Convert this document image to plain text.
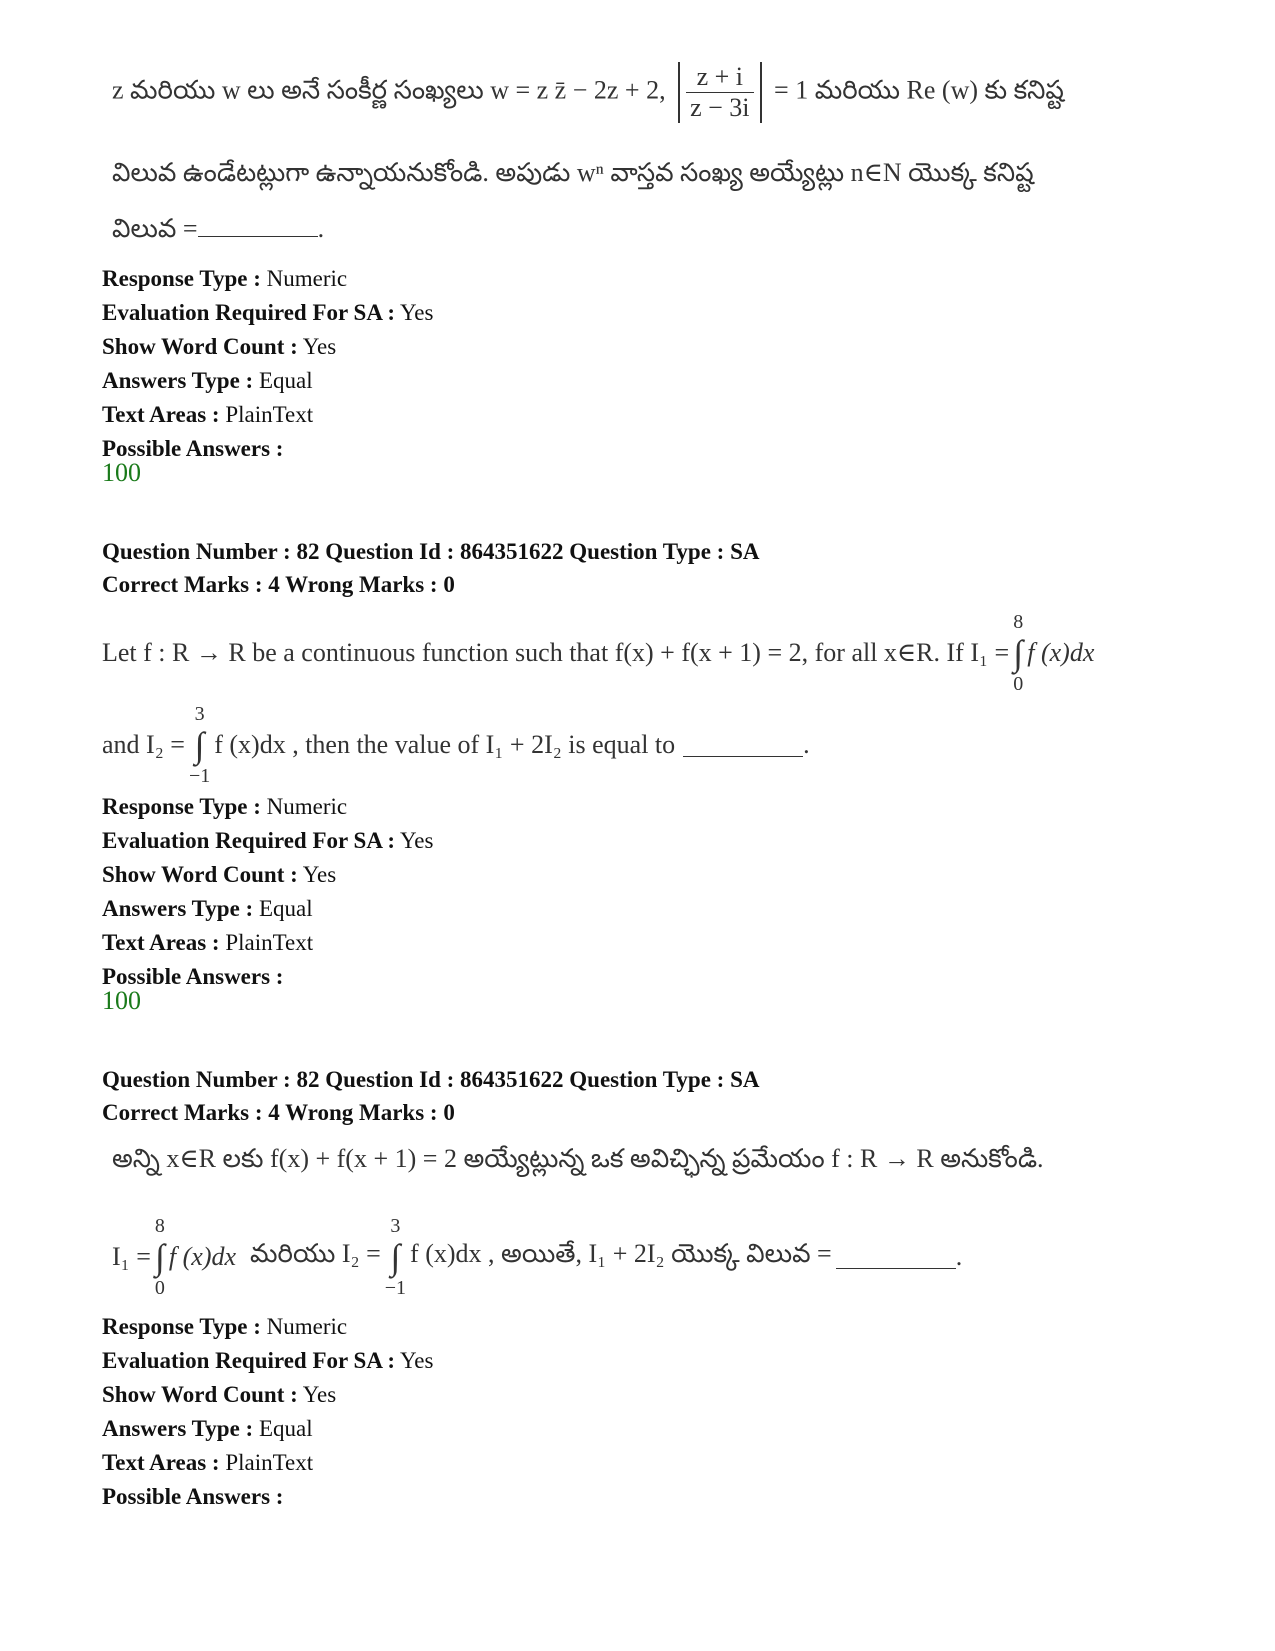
z మరియు w లు అనే సంకీర్ణ సంఖ్యలు w = z z̄ − 2z + 2, $\frac{z + i}{z - 3i} = 1$ మరియు Re (w) కు కనిష్ట
విలువ ఉండేటట్లుగా ఉన్నాయనుకోండి. అపుడు wⁿ వాస్తవ సంఖ్య అయ్యేట్లు n∈N యొక్క కనిష్ట
విలువ =	.
Response Type : Numeric
Evaluation Required For SA : Yes
Show Word Count : Yes
Answers Type : Equal
Text Areas : PlainText
Possible Answers :
100
Question Number : 82 Question Id : 864351622 Question Type : SA
Correct Marks : 4 Wrong Marks : 0
Let f : R → R be a continuous function such that f(x) + f(x + 1) = 2, for all x∈R. If I₁ =
8
∫
0
f (x)dx
and I₂ =
3
∫
−1
f (x)dx , then the value of I₁ + 2I₂ is equal to	.
Response Type : Numeric
Evaluation Required For SA : Yes
Show Word Count : Yes
Answers Type : Equal
Text Areas : PlainText
Possible Answers :
100
Question Number : 82 Question Id : 864351622 Question Type : SA
Correct Marks : 4 Wrong Marks : 0
అన్ని x∈R లకు f(x) + f(x + 1) = 2 అయ్యేట్లున్న ఒక అవిచ్ఛిన్న ప్రమేయం f : R → R అనుకోండి.
I₁ =
8
∫
0
f (x)dx మరియు I₂ =
3
∫
−1
f (x)dx , అయితే, I₁ + 2I₂ యొక్క విలువ =	.
Response Type : Numeric
Evaluation Required For SA : Yes
Show Word Count : Yes
Answers Type : Equal
Text Areas : PlainText
Possible Answers :
